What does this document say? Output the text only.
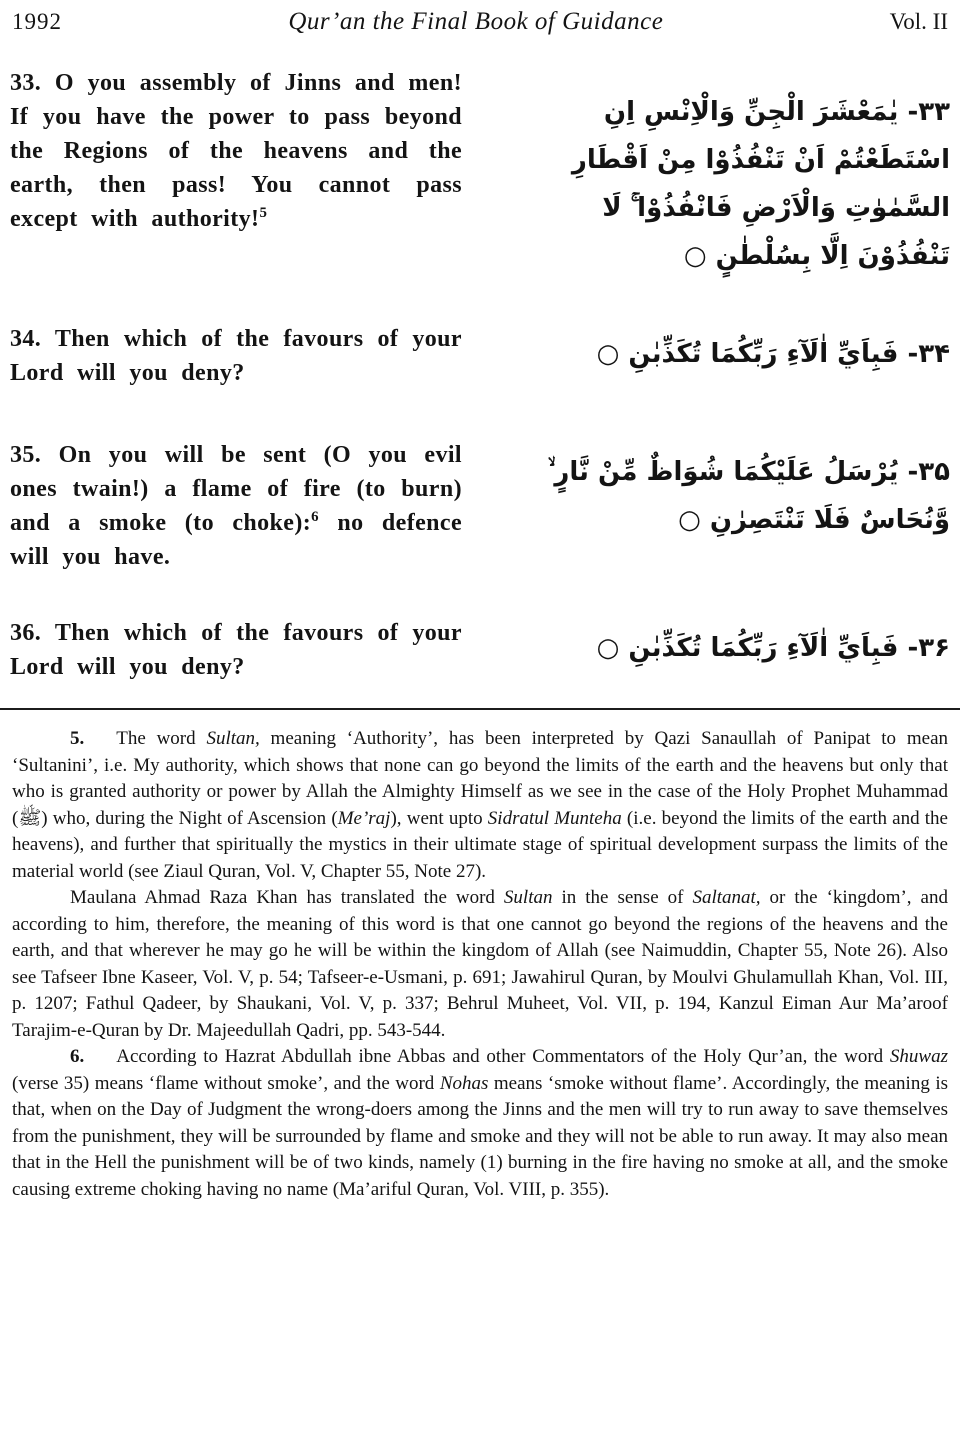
1992	Qur’an the Final Book of Guidance	Vol. II

33. O you assembly of Jinns and men! If you have the power to pass beyond the Regions of the heavens and the earth, then pass! You cannot pass except with authority!$^5$

۳۳- يٰمَعْشَرَ الْجِنِّ وَالْاِنْسِ اِنِ اسْتَطَعْتُمْ اَنْ تَنْفُذُوْا مِنْ اَقْطَارِ السَّمٰوٰتِ وَالْاَرْضِ فَانْفُذُوْا ۚ لَا تَنْفُذُوْنَ اِلَّا بِسُلْطٰنٍ ○

34. Then which of the favours of your Lord will you deny?

۳۴- فَبِاَيِّ اٰلَآءِ رَبِّكُمَا تُكَذِّبٰنِ ○

35. On you will be sent (O you evil ones twain!) a flame of fire (to burn) and a smoke (to choke):$^6$ no defence will you have.

۳۵- يُرْسَلُ عَلَيْكُمَا شُوَاظٌ مِّنْ نَّارٍ ۙ وَّنُحَاسٌ فَلَا تَنْتَصِرٰنِ ○

36. Then which of the favours of your Lord will you deny?

۳۶- فَبِاَيِّ اٰلَآءِ رَبِّكُمَا تُكَذِّبٰنِ ○

5. The word Sultan, meaning ‘Authority’, has been interpreted by Qazi Sanaullah of Panipat to mean ‘Sultanini’, i.e. My authority, which shows that none can go beyond the limits of the earth and the heavens but only that who is granted authority or power by Allah the Almighty Himself as we see in the case of the Holy Prophet Muhammad (ﷺ) who, during the Night of Ascension (Me’raj), went upto Sidratul Munteha (i.e. beyond the limits of the earth and the heavens), and further that spiritually the mystics in their ultimate stage of spiritual development surpass the limits of the material world (see Ziaul Quran, Vol. V, Chapter 55, Note 27).

Maulana Ahmad Raza Khan has translated the word Sultan in the sense of Saltanat, or the ‘kingdom’, and according to him, therefore, the meaning of this word is that one cannot go beyond the regions of the heavens and the earth, and that wherever he may go he will be within the kingdom of Allah (see Naimuddin, Chapter 55, Note 26). Also see Tafseer Ibne Kaseer, Vol. V, p. 54; Tafseer-e-Usmani, p. 691; Jawahirul Quran, by Moulvi Ghulamullah Khan, Vol. III, p. 1207; Fathul Qadeer, by Shaukani, Vol. V, p. 337; Behrul Muheet, Vol. VII, p. 194, Kanzul Eiman Aur Ma’aroof Tarajim-e-Quran by Dr. Majeedullah Qadri, pp. 543-544.

6. According to Hazrat Abdullah ibne Abbas and other Commentators of the Holy Qur’an, the word Shuwaz (verse 35) means ‘flame without smoke’, and the word Nohas means ‘smoke without flame’. Accordingly, the meaning is that, when on the Day of Judgment the wrong-doers among the Jinns and the men will try to run away to save themselves from the punishment, they will be surrounded by flame and smoke and they will not be able to run away. It may also mean that in the Hell the punishment will be of two kinds, namely (1) burning in the fire having no smoke at all, and the smoke causing extreme choking having no name (Ma’ariful Quran, Vol. VIII, p. 355).
